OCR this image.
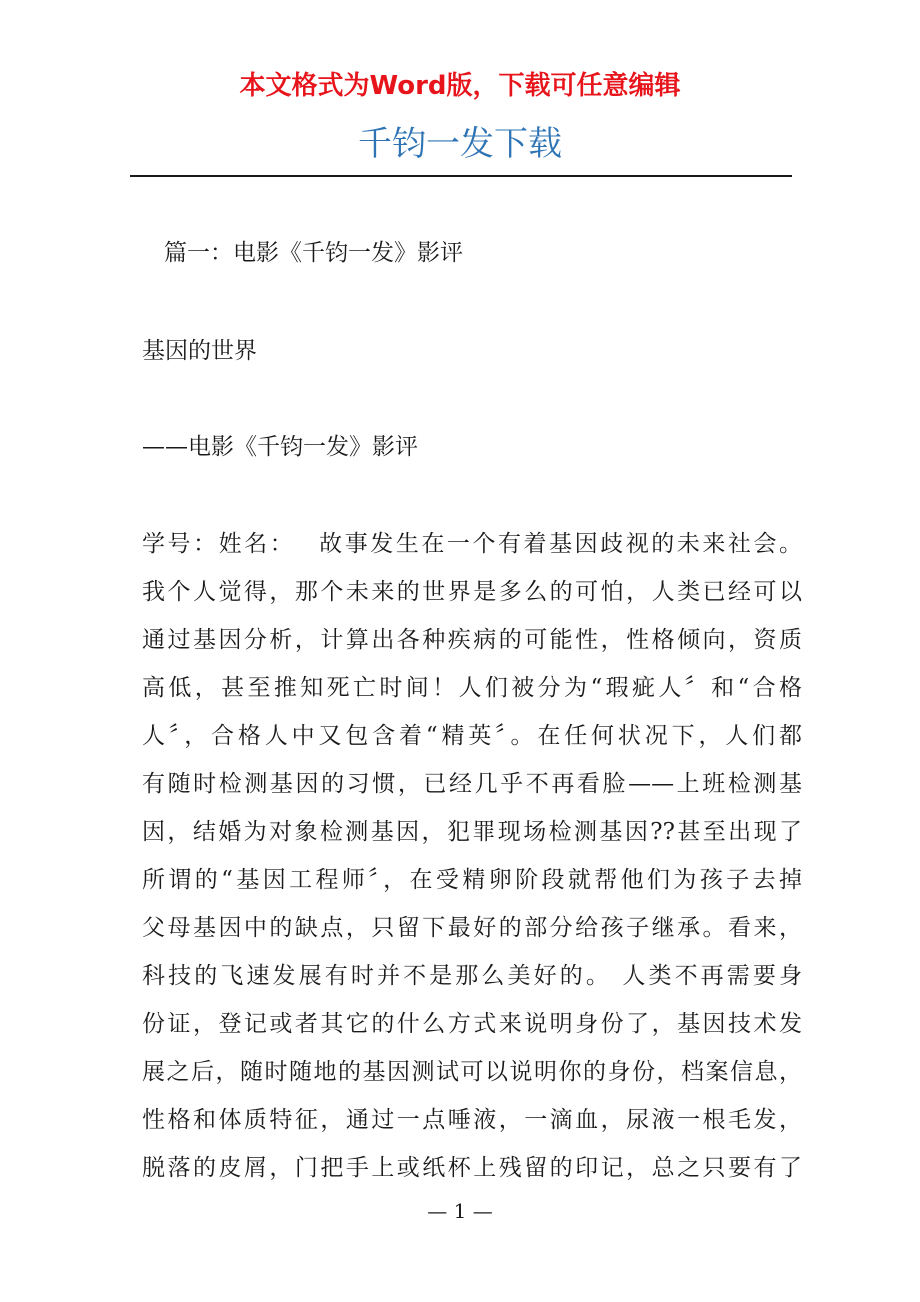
本文格式为Word版，下载可任意编辑
千钧一发下载
篇一：电影《千钧一发》影评
基因的世界
——电影《千钧一发》影评
学号：姓名：　 故事发生在一个有着基因歧视的未来社会。
我个人觉得，那个未来的世界是多么的可怕，人类已经可以
通过基因分析，计算出各种疾病的可能性，性格倾向，资质
高低，甚至推知死亡时间！人们被分为“瑕疵人〞和“合格
人〞，合格人中又包含着“精英〞。在任何状况下，人们都
有随时检测基因的习惯，已经几乎不再看脸——上班检测基
因，结婚为对象检测基因，犯罪现场检测基因??甚至出现了
所谓的“基因工程师〞，在受精卵阶段就帮他们为孩子去掉
父母基因中的缺点，只留下最好的部分给孩子继承。看来，
科技的飞速发展有时并不是那么美好的。 人类不再需要身
份证，登记或者其它的什么方式来说明身份了，基因技术发
展之后，随时随地的基因测试可以说明你的身份，档案信息，
性格和体质特征，通过一点唾液，一滴血，尿液一根毛发，
脱落的皮屑，门把手上或纸杯上残留的印记，总之只要有了
— 1 —
